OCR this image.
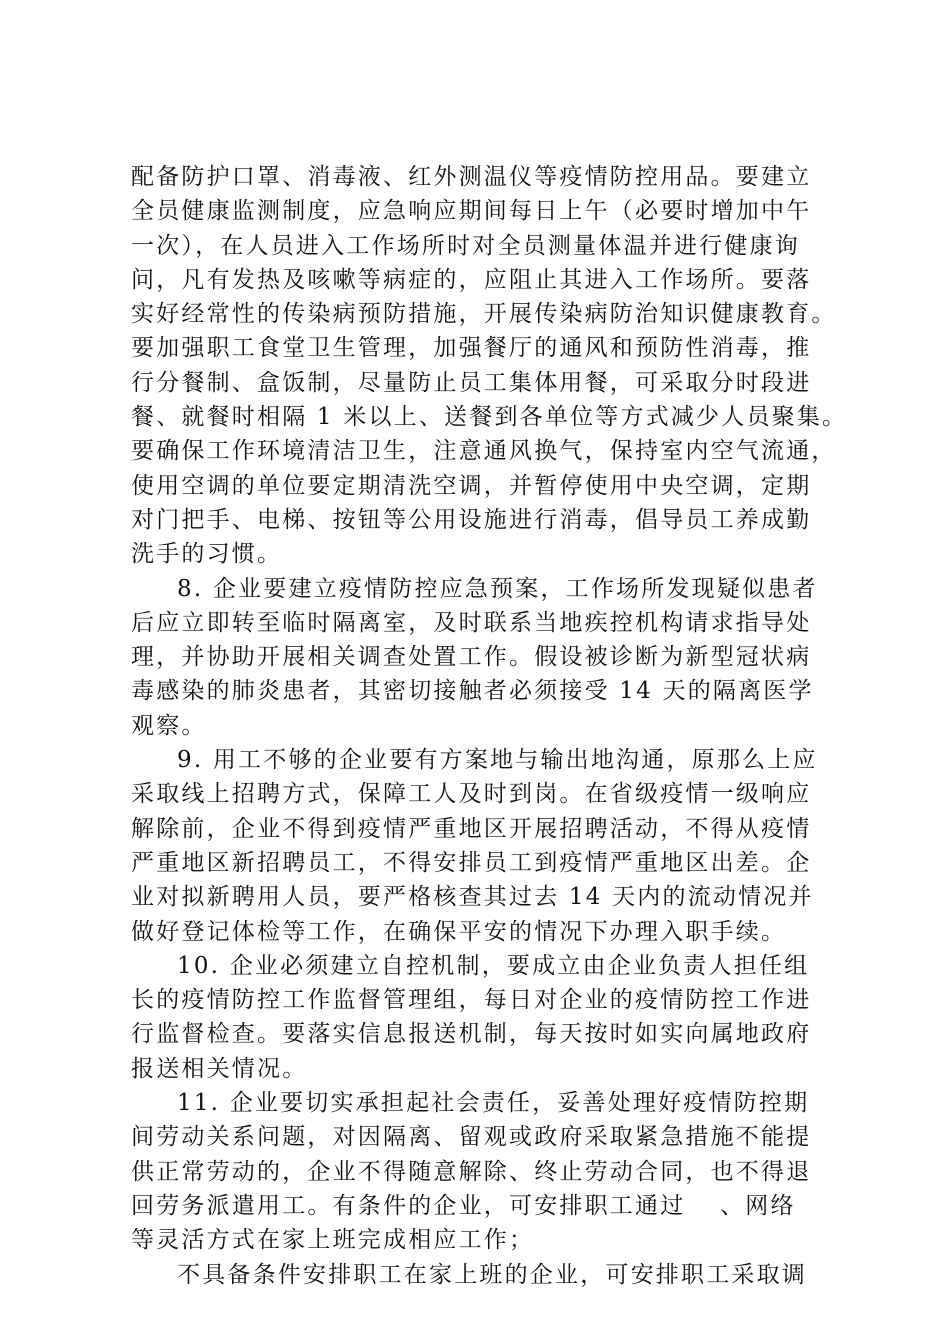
配备防护口罩、消毒液、红外测温仪等疫情防控用品。要建立
全员健康监测制度，应急响应期间每日上午（必要时增加中午
一次），在人员进入工作场所时对全员测量体温并进行健康询
问，凡有发热及咳嗽等病症的，应阻止其进入工作场所。要落
实好经常性的传染病预防措施，开展传染病防治知识健康教育。
要加强职工食堂卫生管理，加强餐厅的通风和预防性消毒，推
行分餐制、盒饭制，尽量防止员工集体用餐，可采取分时段进
餐、就餐时相隔 1 米以上、送餐到各单位等方式减少人员聚集。
要确保工作环境清洁卫生，注意通风换气，保持室内空气流通，
使用空调的单位要定期清洗空调，并暂停使用中央空调，定期
对门把手、电梯、按钮等公用设施进行消毒，倡导员工养成勤
洗手的习惯。
8. 企业要建立疫情防控应急预案，工作场所发现疑似患者
后应立即转至临时隔离室，及时联系当地疾控机构请求指导处
理，并协助开展相关调查处置工作。假设被诊断为新型冠状病
毒感染的肺炎患者，其密切接触者必须接受 14 天的隔离医学
观察。
9. 用工不够的企业要有方案地与输出地沟通，原那么上应
采取线上招聘方式，保障工人及时到岗。在省级疫情一级响应
解除前，企业不得到疫情严重地区开展招聘活动，不得从疫情
严重地区新招聘员工，不得安排员工到疫情严重地区出差。企
业对拟新聘用人员，要严格核查其过去 14 天内的流动情况并
做好登记体检等工作，在确保平安的情况下办理入职手续。
10. 企业必须建立自控机制，要成立由企业负责人担任组
长的疫情防控工作监督管理组，每日对企业的疫情防控工作进
行监督检查。要落实信息报送机制，每天按时如实向属地政府
报送相关情况。
11. 企业要切实承担起社会责任，妥善处理好疫情防控期
间劳动关系问题，对因隔离、留观或政府采取紧急措施不能提
供正常劳动的，企业不得随意解除、终止劳动合同，也不得退
回劳务派遣用工。有条件的企业，可安排职工通过 　、网络
等灵活方式在家上班完成相应工作；
不具备条件安排职工在家上班的企业，可安排职工采取调
